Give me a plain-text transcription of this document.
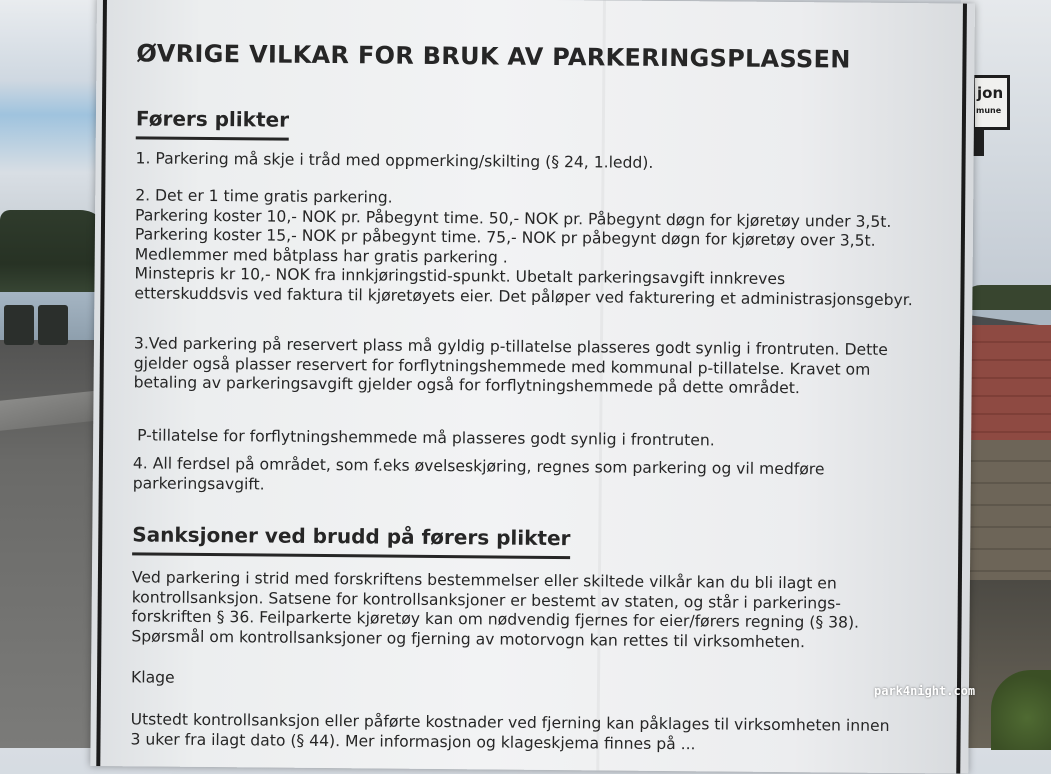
jon
mune
ØVRIGE VILKAR FOR BRUK AV PARKERINGSPLASSEN
Førers plikter
1. Parkering må skje i tråd med oppmerking/skilting (§ 24, 1.ledd).
2. Det er 1 time gratis parkering.
Parkering koster 10,- NOK pr. Påbegynt time. 50,- NOK pr. Påbegynt døgn for kjøretøy under 3,5t.
Parkering koster 15,- NOK pr påbegynt time. 75,- NOK pr påbegynt døgn for kjøretøy over 3,5t.
Medlemmer med båtplass har gratis parkering .
Minstepris kr 10,- NOK fra innkjøringstid-spunkt. Ubetalt parkeringsavgift innkreves
etterskuddsvis ved faktura til kjøretøyets eier. Det påløper ved fakturering et administrasjonsgebyr.
3.Ved parkering på reservert plass må gyldig p-tillatelse plasseres godt synlig i frontruten. Dette
gjelder også plasser reservert for forflytningshemmede med kommunal p-tillatelse. Kravet om
betaling av parkeringsavgift gjelder også for forflytningshemmede på dette området.
P-tillatelse for forflytningshemmede må plasseres godt synlig i frontruten.
4. All ferdsel på området, som f.eks øvelseskjøring, regnes som parkering og vil medføre
parkeringsavgift.
Sanksjoner ved brudd på førers plikter
Ved parkering i strid med forskriftens bestemmelser eller skiltede vilkår kan du bli ilagt en
kontrollsanksjon. Satsene for kontrollsanksjoner er bestemt av staten, og står i parkerings-
forskriften § 36. Feilparkerte kjøretøy kan om nødvendig fjernes for eier/førers regning (§ 38).
Spørsmål om kontrollsanksjoner og fjerning av motorvogn kan rettes til virksomheten.
Klage
Utstedt kontrollsanksjon eller påførte kostnader ved fjerning kan påklages til virksomheten innen
3 uker fra ilagt dato (§ 44). Mer informasjon og klageskjema finnes på ...
park4night.com
